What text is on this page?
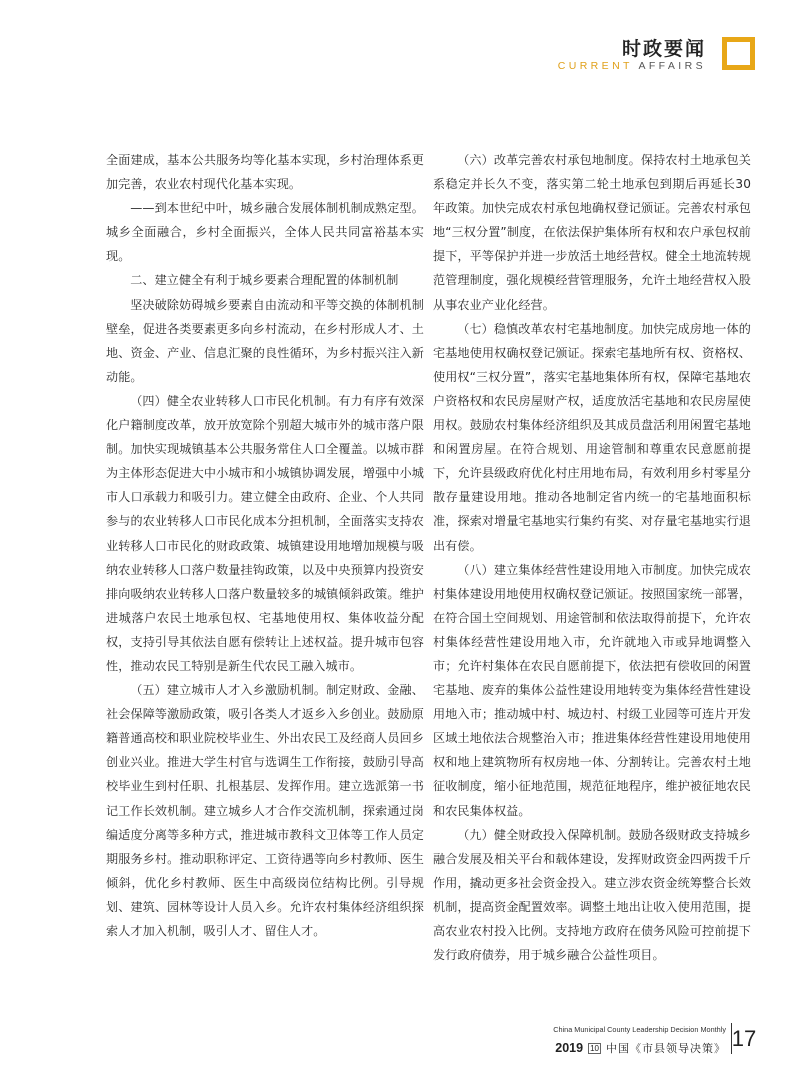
时政要闻
CURRENT AFFAIRS

全面建成，基本公共服务均等化基本实现，乡村治理体系更加完善，农业农村现代化基本实现。

——到本世纪中叶，城乡融合发展体制机制成熟定型。城乡全面融合，乡村全面振兴，全体人民共同富裕基本实现。

二、建立健全有利于城乡要素合理配置的体制机制

坚决破除妨碍城乡要素自由流动和平等交换的体制机制壁垒，促进各类要素更多向乡村流动，在乡村形成人才、土地、资金、产业、信息汇聚的良性循环，为乡村振兴注入新动能。

（四）健全农业转移人口市民化机制。有力有序有效深化户籍制度改革，放开放宽除个别超大城市外的城市落户限制。加快实现城镇基本公共服务常住人口全覆盖。以城市群为主体形态促进大中小城市和小城镇协调发展，增强中小城市人口承载力和吸引力。建立健全由政府、企业、个人共同参与的农业转移人口市民化成本分担机制，全面落实支持农业转移人口市民化的财政政策、城镇建设用地增加规模与吸纳农业转移人口落户数量挂钩政策，以及中央预算内投资安排向吸纳农业转移人口落户数量较多的城镇倾斜政策。维护进城落户农民土地承包权、宅基地使用权、集体收益分配权，支持引导其依法自愿有偿转让上述权益。提升城市包容性，推动农民工特别是新生代农民工融入城市。

（五）建立城市人才入乡激励机制。制定财政、金融、社会保障等激励政策，吸引各类人才返乡入乡创业。鼓励原籍普通高校和职业院校毕业生、外出农民工及经商人员回乡创业兴业。推进大学生村官与选调生工作衔接，鼓励引导高校毕业生到村任职、扎根基层、发挥作用。建立选派第一书记工作长效机制。建立城乡人才合作交流机制，探索通过岗编适度分离等多种方式，推进城市教科文卫体等工作人员定期服务乡村。推动职称评定、工资待遇等向乡村教师、医生倾斜，优化乡村教师、医生中高级岗位结构比例。引导规划、建筑、园林等设计人员入乡。允许农村集体经济组织探索人才加入机制，吸引人才、留住人才。

（六）改革完善农村承包地制度。保持农村土地承包关系稳定并长久不变，落实第二轮土地承包到期后再延长30年政策。加快完成农村承包地确权登记颁证。完善农村承包地“三权分置”制度，在依法保护集体所有权和农户承包权前提下，平等保护并进一步放活土地经营权。健全土地流转规范管理制度，强化规模经营管理服务，允许土地经营权入股从事农业产业化经营。

（七）稳慎改革农村宅基地制度。加快完成房地一体的宅基地使用权确权登记颁证。探索宅基地所有权、资格权、使用权“三权分置”，落实宅基地集体所有权，保障宅基地农户资格权和农民房屋财产权，适度放活宅基地和农民房屋使用权。鼓励农村集体经济组织及其成员盘活利用闲置宅基地和闲置房屋。在符合规划、用途管制和尊重农民意愿前提下，允许县级政府优化村庄用地布局，有效利用乡村零星分散存量建设用地。推动各地制定省内统一的宅基地面积标准，探索对增量宅基地实行集约有奖、对存量宅基地实行退出有偿。

（八）建立集体经营性建设用地入市制度。加快完成农村集体建设用地使用权确权登记颁证。按照国家统一部署，在符合国土空间规划、用途管制和依法取得前提下，允许农村集体经营性建设用地入市，允许就地入市或异地调整入市；允许村集体在农民自愿前提下，依法把有偿收回的闲置宅基地、废弃的集体公益性建设用地转变为集体经营性建设用地入市；推动城中村、城边村、村级工业园等可连片开发区域土地依法合规整治入市；推进集体经营性建设用地使用权和地上建筑物所有权房地一体、分割转让。完善农村土地征收制度，缩小征地范围，规范征地程序，维护被征地农民和农民集体权益。

（九）健全财政投入保障机制。鼓励各级财政支持城乡融合发展及相关平台和载体建设，发挥财政资金四两拨千斤作用，撬动更多社会资金投入。建立涉农资金统筹整合长效机制，提高资金配置效率。调整土地出让收入使用范围，提高农业农村投入比例。支持地方政府在债务风险可控前提下发行政府债券，用于城乡融合公益性项目。

China Municipal County Leadership Decision Monthly
2019 10 中国《市县领导决策》 17
